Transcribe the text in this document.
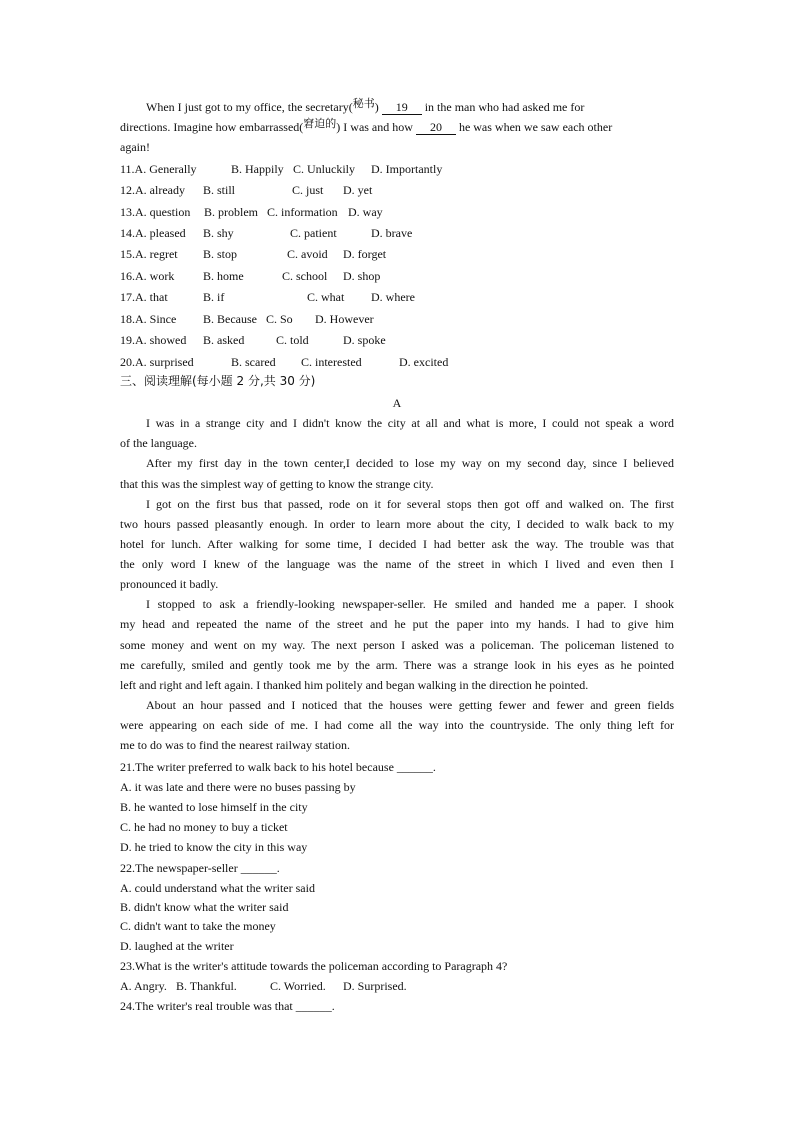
When I just got to my office, the secretary(秘书) 19 in the man who had asked me for
directions. Imagine how embarrassed(窘迫的) I was and how 20 he was when we saw each other
again!
11.A. Generally	B. Happily C. Unluckily D. Importantly
12.A. already B. still	C. just D. yet
13.A. question B. problem C. information D. way
14.A. pleased B. shy	C. patient	D. brave
15.A. regret B. stop	C. avoid D. forget
16.A. work B. home	C. school D. shop
17.A. that	B. if	C. what D. where
18.A. Since B. Because C. So D. However
19.A. showed B. asked	C. told	D. spoke
20.A. surprised	B. scared C. interested	D. excited
三、阅读理解(每小题 2 分,共 30 分)
A
I was in a strange city and I didn't know the city at all and what is more, I could not speak a word
of the language.
After my first day in the town center,I decided to lose my way on my second day, since I believed
that this was the simplest way of getting to know the strange city.
I got on the first bus that passed, rode on it for several stops then got off and walked on. The first
two hours passed pleasantly enough. In order to learn more about the city, I decided to walk back to my
hotel for lunch. After walking for some time, I decided I had better ask the way. The trouble was that
the only word I knew of the language was the name of the street in which I lived and even then I
pronounced it badly.
I stopped to ask a friendly-looking newspaper-seller. He smiled and handed me a paper. I shook
my head and repeated the name of the street and he put the paper into my hands. I had to give him
some money and went on my way. The next person I asked was a policeman. The policeman listened to
me carefully, smiled and gently took me by the arm. There was a strange look in his eyes as he pointed
left and right and left again. I thanked him politely and began walking in the direction he pointed.
About an hour passed and I noticed that the houses were getting fewer and fewer and green fields
were appearing on each side of me. I had come all the way into the countryside. The only thing left for
me to do was to find the nearest railway station.
21.The writer preferred to walk back to his hotel because ______.
A. it was late and there were no buses passing by
B. he wanted to lose himself in the city
C. he had no money to buy a ticket
D. he tried to know the city in this way
22.The newspaper-seller ______.
A. could understand what the writer said
B. didn't know what the writer said
C. didn't want to take the money
D. laughed at the writer
23.What is the writer's attitude towards the policeman according to Paragraph 4?
A. Angry. B. Thankful.	C. Worried. D. Surprised.
24.The writer's real trouble was that ______.
